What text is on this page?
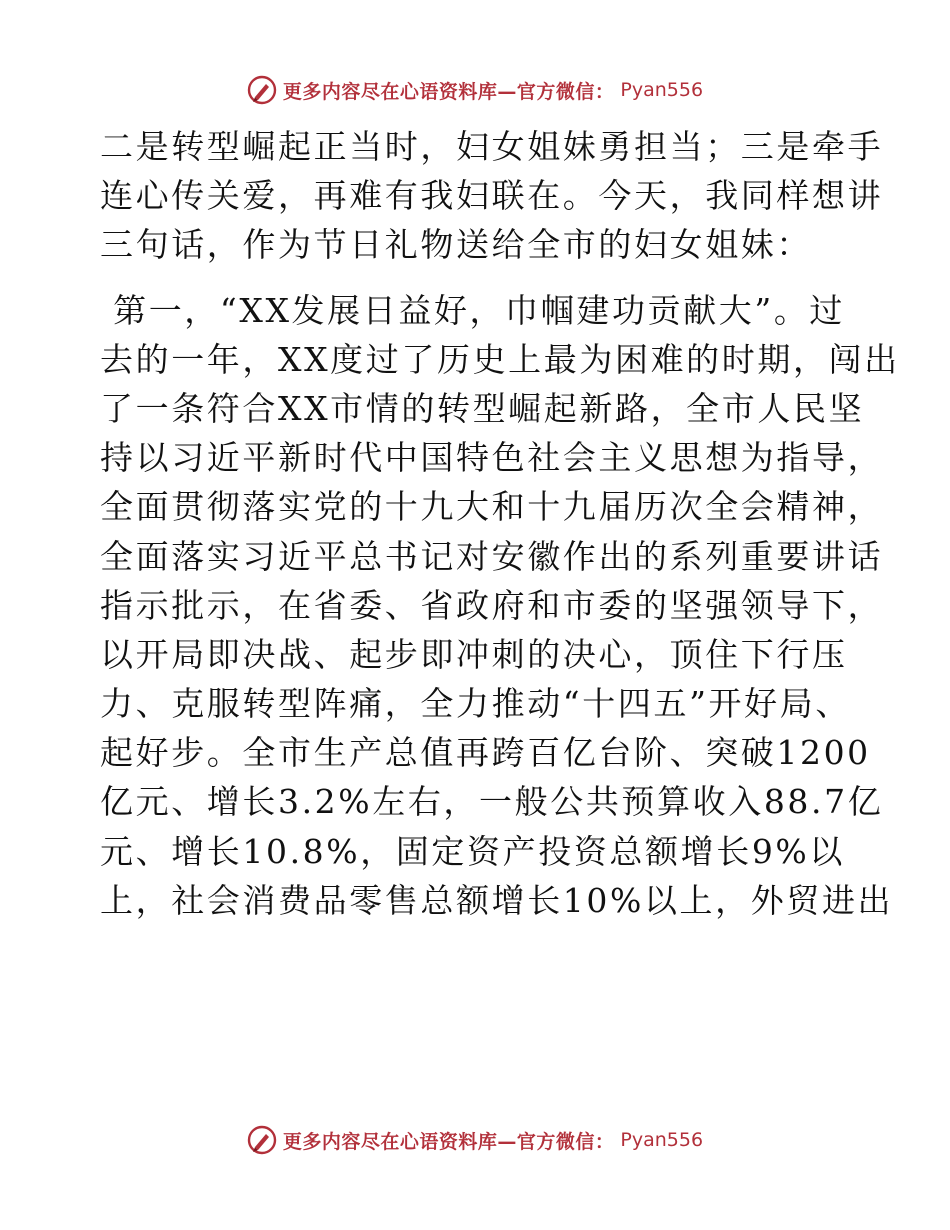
更多内容尽在心语资料库—官方微信： Pyan556
二是转型崛起正当时，妇女姐妹勇担当；三是牵手
连心传关爱，再难有我妇联在。今天，我同样想讲
三句话，作为节日礼物送给全市的妇女姐妹：
第一，“XX发展日益好，巾帼建功贡献大”。过
去的一年，XX度过了历史上最为困难的时期，闯出
了一条符合XX市情的转型崛起新路，全市人民坚
持以习近平新时代中国特色社会主义思想为指导，
全面贯彻落实党的十九大和十九届历次全会精神，
全面落实习近平总书记对安徽作出的系列重要讲话
指示批示，在省委、省政府和市委的坚强领导下，
以开局即决战、起步即冲刺的决心，顶住下行压
力、克服转型阵痛，全力推动“十四五”开好局、
起好步。全市生产总值再跨百亿台阶、突破1200
亿元、增长3.2%左右，一般公共预算收入88.7亿
元、增长10.8%，固定资产投资总额增长9%以
上，社会消费品零售总额增长10%以上，外贸进出
更多内容尽在心语资料库—官方微信： Pyan556
